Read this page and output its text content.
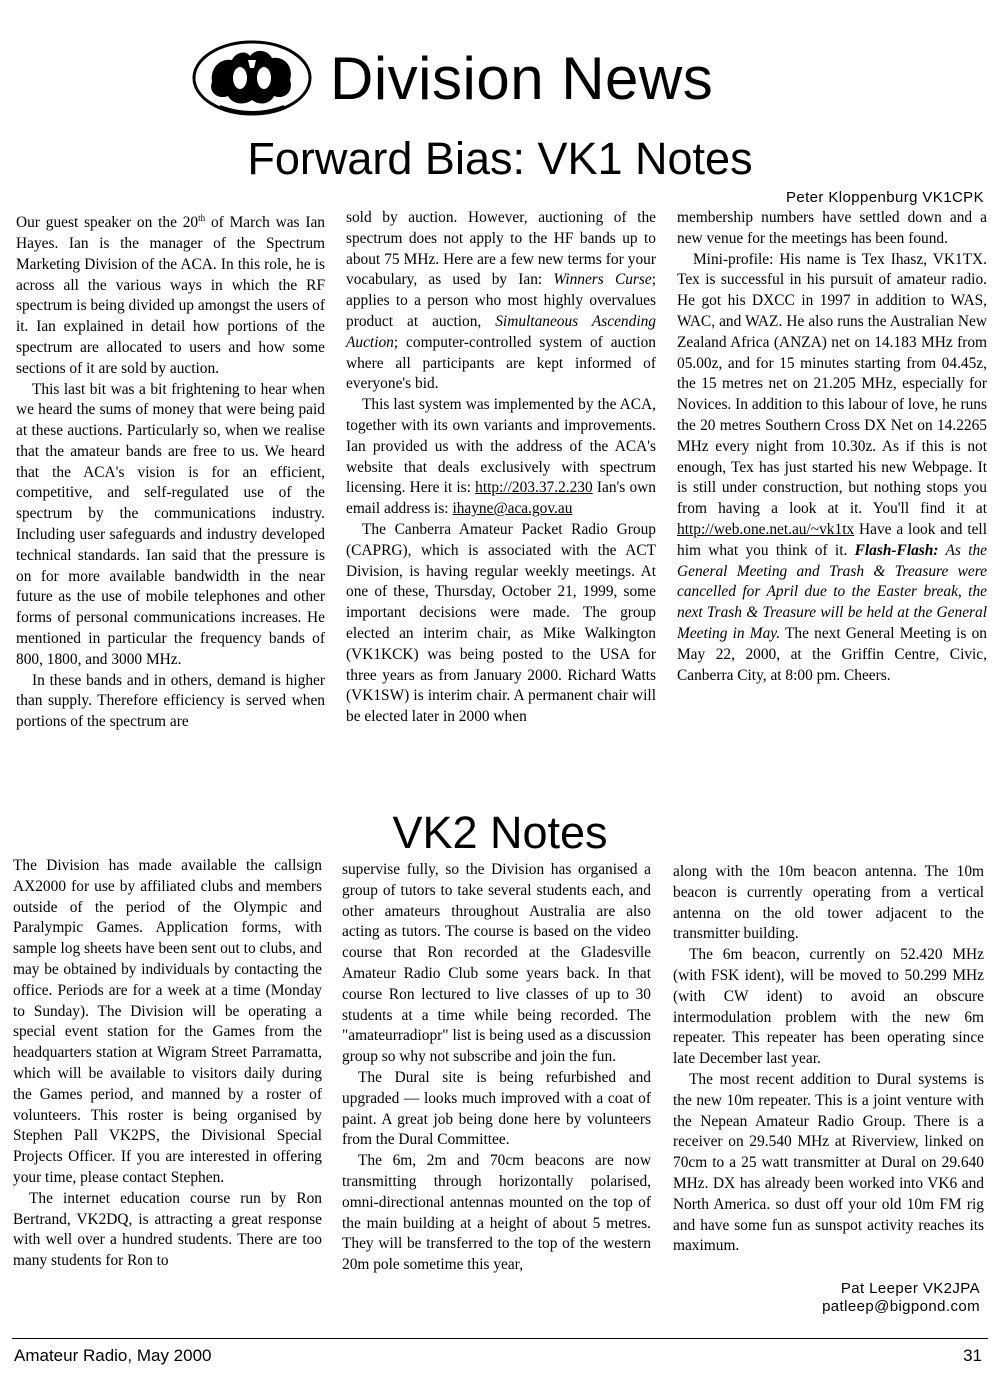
Division News
Forward Bias: VK1 Notes
Peter Kloppenburg VK1CPK

Our guest speaker on the 20th of March was Ian Hayes. Ian is the manager of the Spectrum Marketing Division of the ACA. In this role, he is across all the various ways in which the RF spectrum is being divided up amongst the users of it. Ian explained in detail how portions of the spectrum are allocated to users and how some sections of it are sold by auction.

This last bit was a bit frightening to hear when we heard the sums of money that were being paid at these auctions. Particularly so, when we realise that the amateur bands are free to us. We heard that the ACA's vision is for an efficient, competitive, and self-regulated use of the spectrum by the communications industry. Including user safeguards and industry developed technical standards. Ian said that the pressure is on for more available bandwidth in the near future as the use of mobile telephones and other forms of personal communications increases. He mentioned in particular the frequency bands of 800, 1800, and 3000 MHz.

In these bands and in others, demand is higher than supply. Therefore efficiency is served when portions of the spectrum are

sold by auction. However, auctioning of the spectrum does not apply to the HF bands up to about 75 MHz. Here are a few new terms for your vocabulary, as used by Ian: Winners Curse; applies to a person who most highly overvalues product at auction, Simultaneous Ascending Auction; computer-controlled system of auction where all participants are kept informed of everyone's bid.

This last system was implemented by the ACA, together with its own variants and improvements. Ian provided us with the address of the ACA's website that deals exclusively with spectrum licensing. Here it is: http://203.37.2.230 Ian's own email address is: ihayne@aca.gov.au

The Canberra Amateur Packet Radio Group (CAPRG), which is associated with the ACT Division, is having regular weekly meetings. At one of these, Thursday, October 21, 1999, some important decisions were made. The group elected an interim chair, as Mike Walkington (VK1KCK) was being posted to the USA for three years as from January 2000. Richard Watts (VK1SW) is interim chair. A permanent chair will be elected later in 2000 when

membership numbers have settled down and a new venue for the meetings has been found.

Mini-profile: His name is Tex Ihasz, VK1TX. Tex is successful in his pursuit of amateur radio. He got his DXCC in 1997 in addition to WAS, WAC, and WAZ. He also runs the Australian New Zealand Africa (ANZA) net on 14.183 MHz from 05.00z, and for 15 minutes starting from 04.45z, the 15 metres net on 21.205 MHz, especially for Novices. In addition to this labour of love, he runs the 20 metres Southern Cross DX Net on 14.2265 MHz every night from 10.30z. As if this is not enough, Tex has just started his new Webpage. It is still under construction, but nothing stops you from having a look at it. You'll find it at http://web.one.net.au/~vk1tx Have a look and tell him what you think of it. Flash-Flash: As the General Meeting and Trash & Treasure were cancelled for April due to the Easter break, the next Trash & Treasure will be held at the General Meeting in May. The next General Meeting is on May 22, 2000, at the Griffin Centre, Civic, Canberra City, at 8:00 pm. Cheers.

VK2 Notes

The Division has made available the callsign AX2000 for use by affiliated clubs and members outside of the period of the Olympic and Paralympic Games. Application forms, with sample log sheets have been sent out to clubs, and may be obtained by individuals by contacting the office. Periods are for a week at a time (Monday to Sunday). The Division will be operating a special event station for the Games from the headquarters station at Wigram Street Parramatta, which will be available to visitors daily during the Games period, and manned by a roster of volunteers. This roster is being organised by Stephen Pall VK2PS, the Divisional Special Projects Officer. If you are interested in offering your time, please contact Stephen.

The internet education course run by Ron Bertrand, VK2DQ, is attracting a great response with well over a hundred students. There are too many students for Ron to

supervise fully, so the Division has organised a group of tutors to take several students each, and other amateurs throughout Australia are also acting as tutors. The course is based on the video course that Ron recorded at the Gladesville Amateur Radio Club some years back. In that course Ron lectured to live classes of up to 30 students at a time while being recorded. The "amateurradiopr" list is being used as a discussion group so why not subscribe and join the fun.

The Dural site is being refurbished and upgraded — looks much improved with a coat of paint. A great job being done here by volunteers from the Dural Committee.

The 6m, 2m and 70cm beacons are now transmitting through horizontally polarised, omni-directional antennas mounted on the top of the main building at a height of about 5 metres. They will be transferred to the top of the western 20m pole sometime this year,

along with the 10m beacon antenna. The 10m beacon is currently operating from a vertical antenna on the old tower adjacent to the transmitter building.

The 6m beacon, currently on 52.420 MHz (with FSK ident), will be moved to 50.299 MHz (with CW ident) to avoid an obscure intermodulation problem with the new 6m repeater. This repeater has been operating since late December last year.

The most recent addition to Dural systems is the new 10m repeater. This is a joint venture with the Nepean Amateur Radio Group. There is a receiver on 29.540 MHz at Riverview, linked on 70cm to a 25 watt transmitter at Dural on 29.640 MHz. DX has already been worked into VK6 and North America. so dust off your old 10m FM rig and have some fun as sunspot activity reaches its maximum.

Pat Leeper VK2JPA
patleep@bigpond.com
Amateur Radio, May 2000	31
